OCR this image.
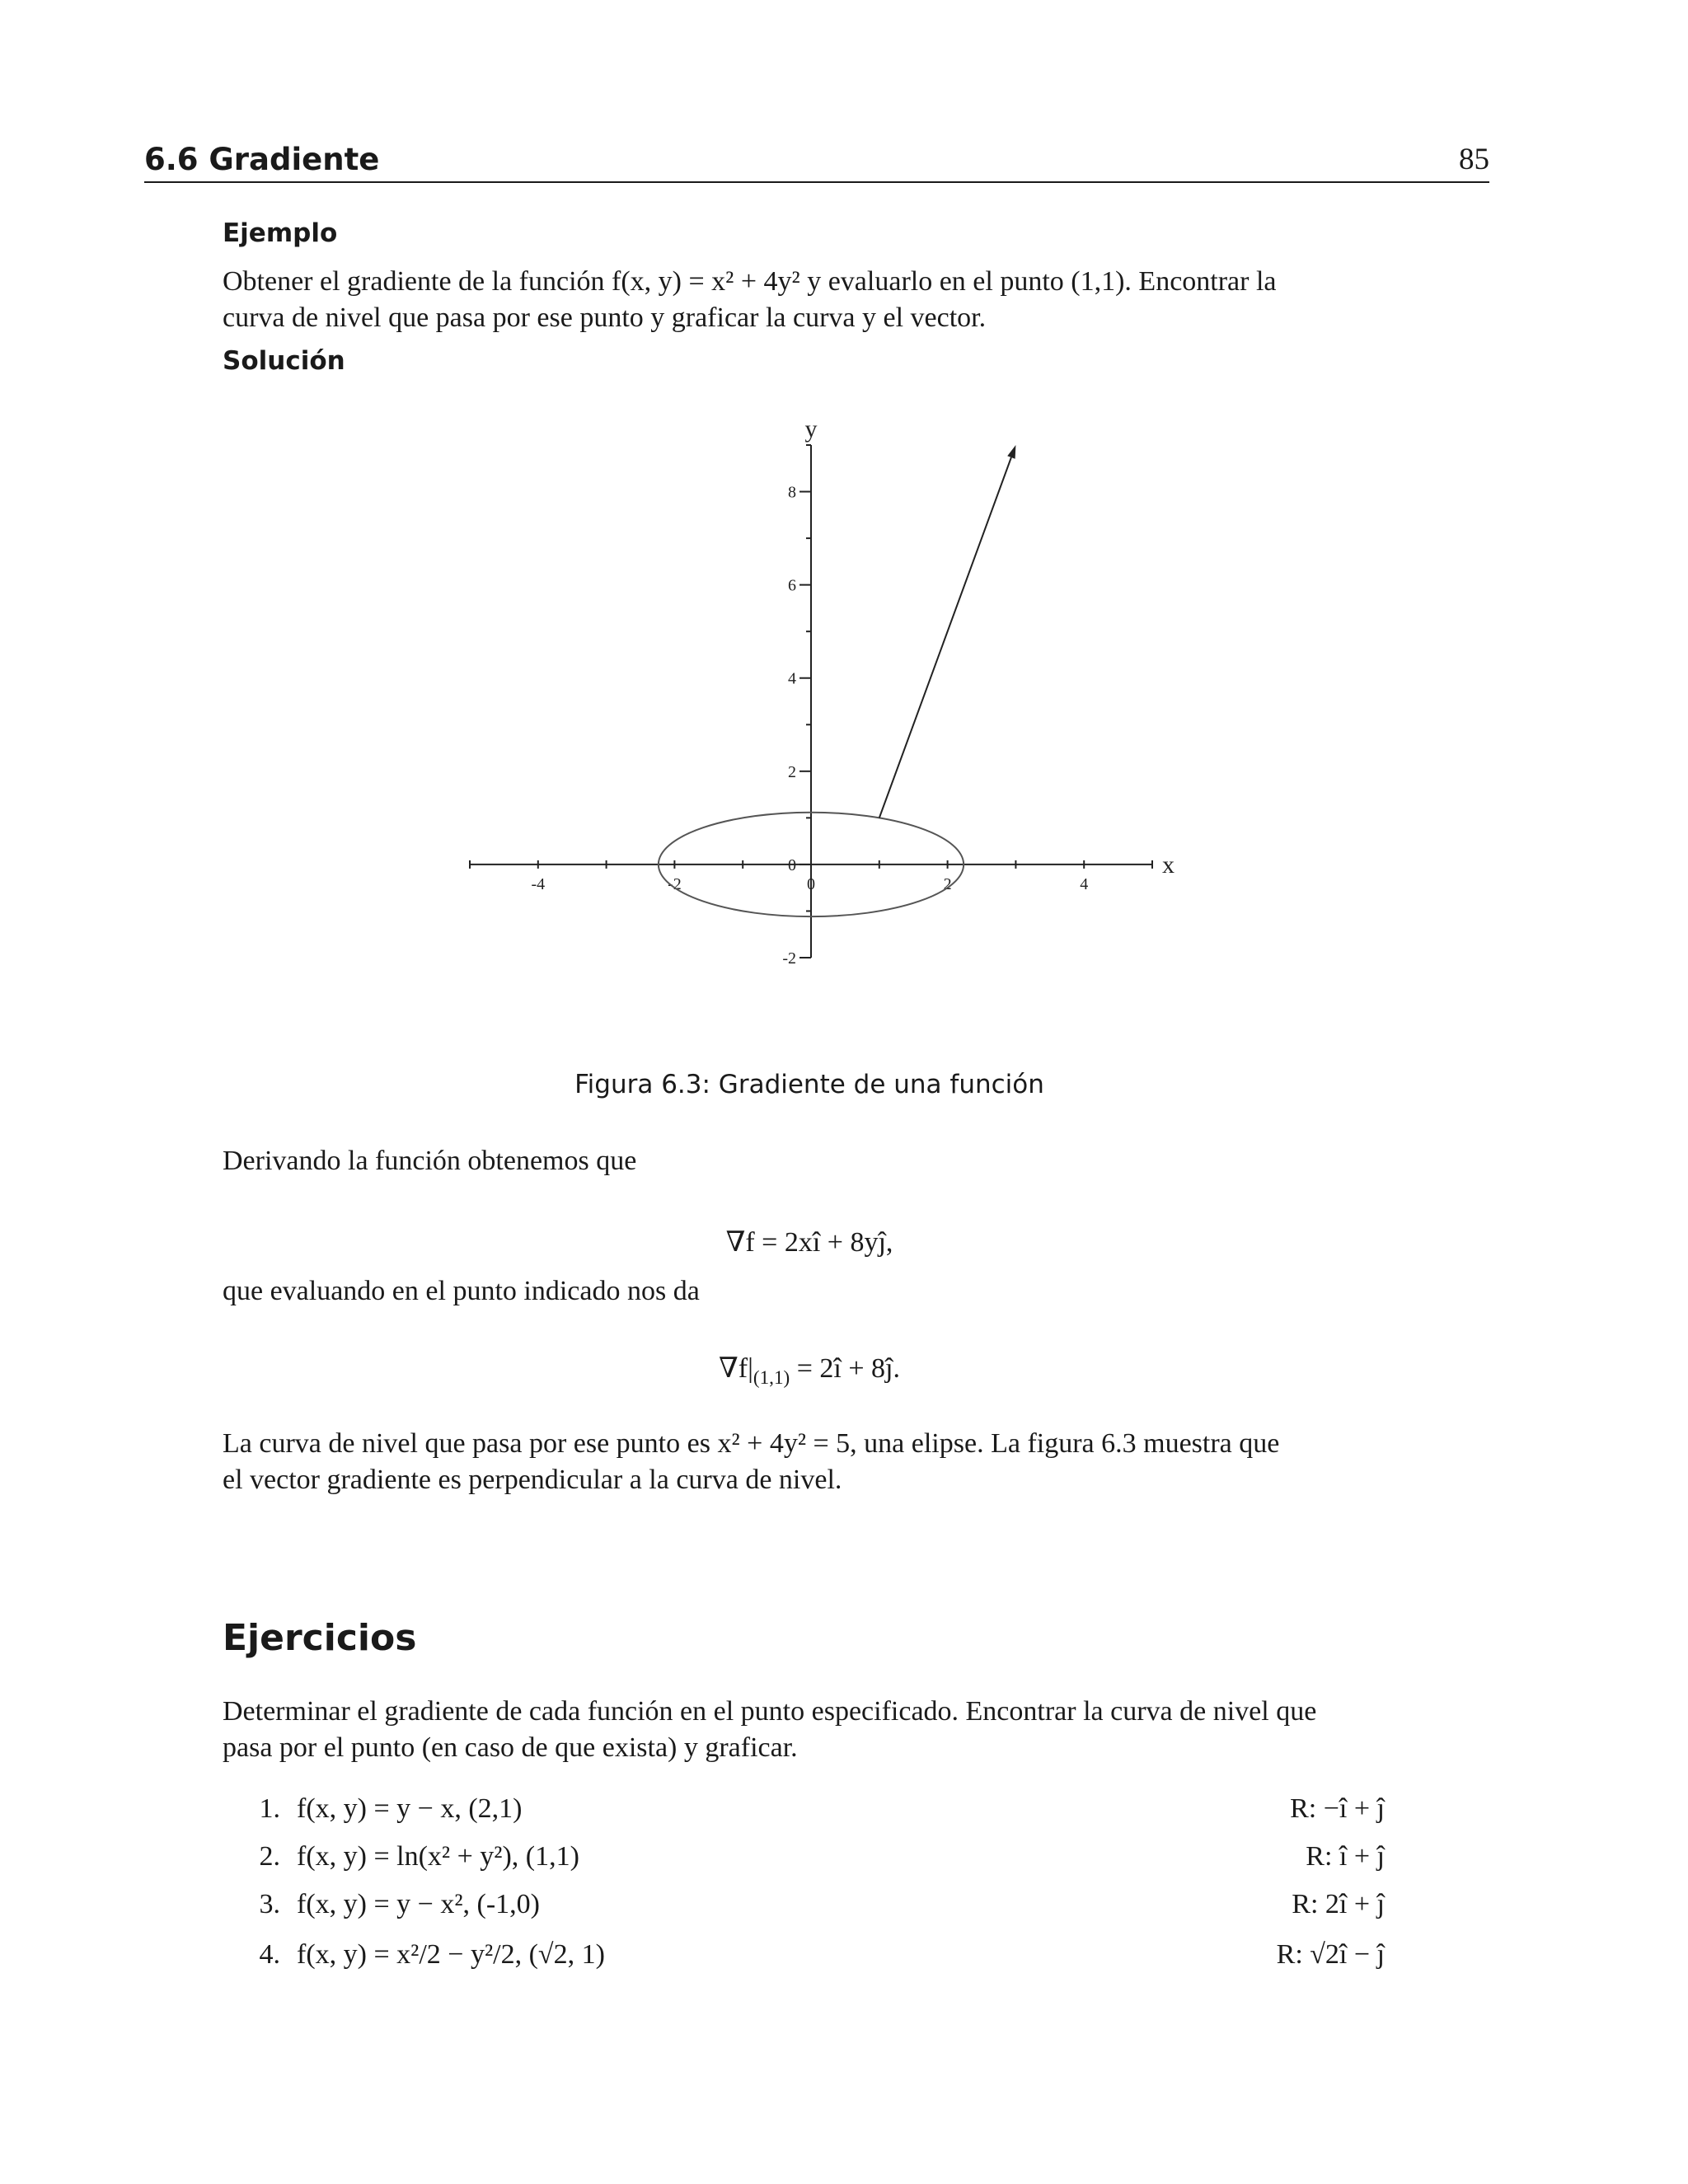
6.6 Gradiente	85
Ejemplo
Obtener el gradiente de la función f(x, y) = x² + 4y² y evaluarlo en el punto (1,1). Encontrar la
curva de nivel que pasa por ese punto y graficar la curva y el vector.
Solución
x
y
-4	-2	0	2	4
-2
0
2
4
6
8
Figura 6.3: Gradiente de una función
Derivando la función obtenemos que
∇f = 2xî + 8yĵ,
que evaluando en el punto indicado nos da
$\nabla f|_{(1,1)}$ = 2î + 8ĵ.
La curva de nivel que pasa por ese punto es x² + 4y² = 5, una elipse. La figura 6.3 muestra que
el vector gradiente es perpendicular a la curva de nivel.
Ejercicios
Determinar el gradiente de cada función en el punto especificado. Encontrar la curva de nivel que
pasa por el punto (en caso de que exista) y graficar.
1. f(x, y) = y − x, (2,1)	R: −î + ĵ
2. f(x, y) = ln(x² + y²), (1,1)	R: î + ĵ
3. f(x, y) = y − x², (-1,0)	R: 2î + ĵ
4. f(x, y) = x²/2 − y²/2, (√2, 1)	R: √2î − ĵ
